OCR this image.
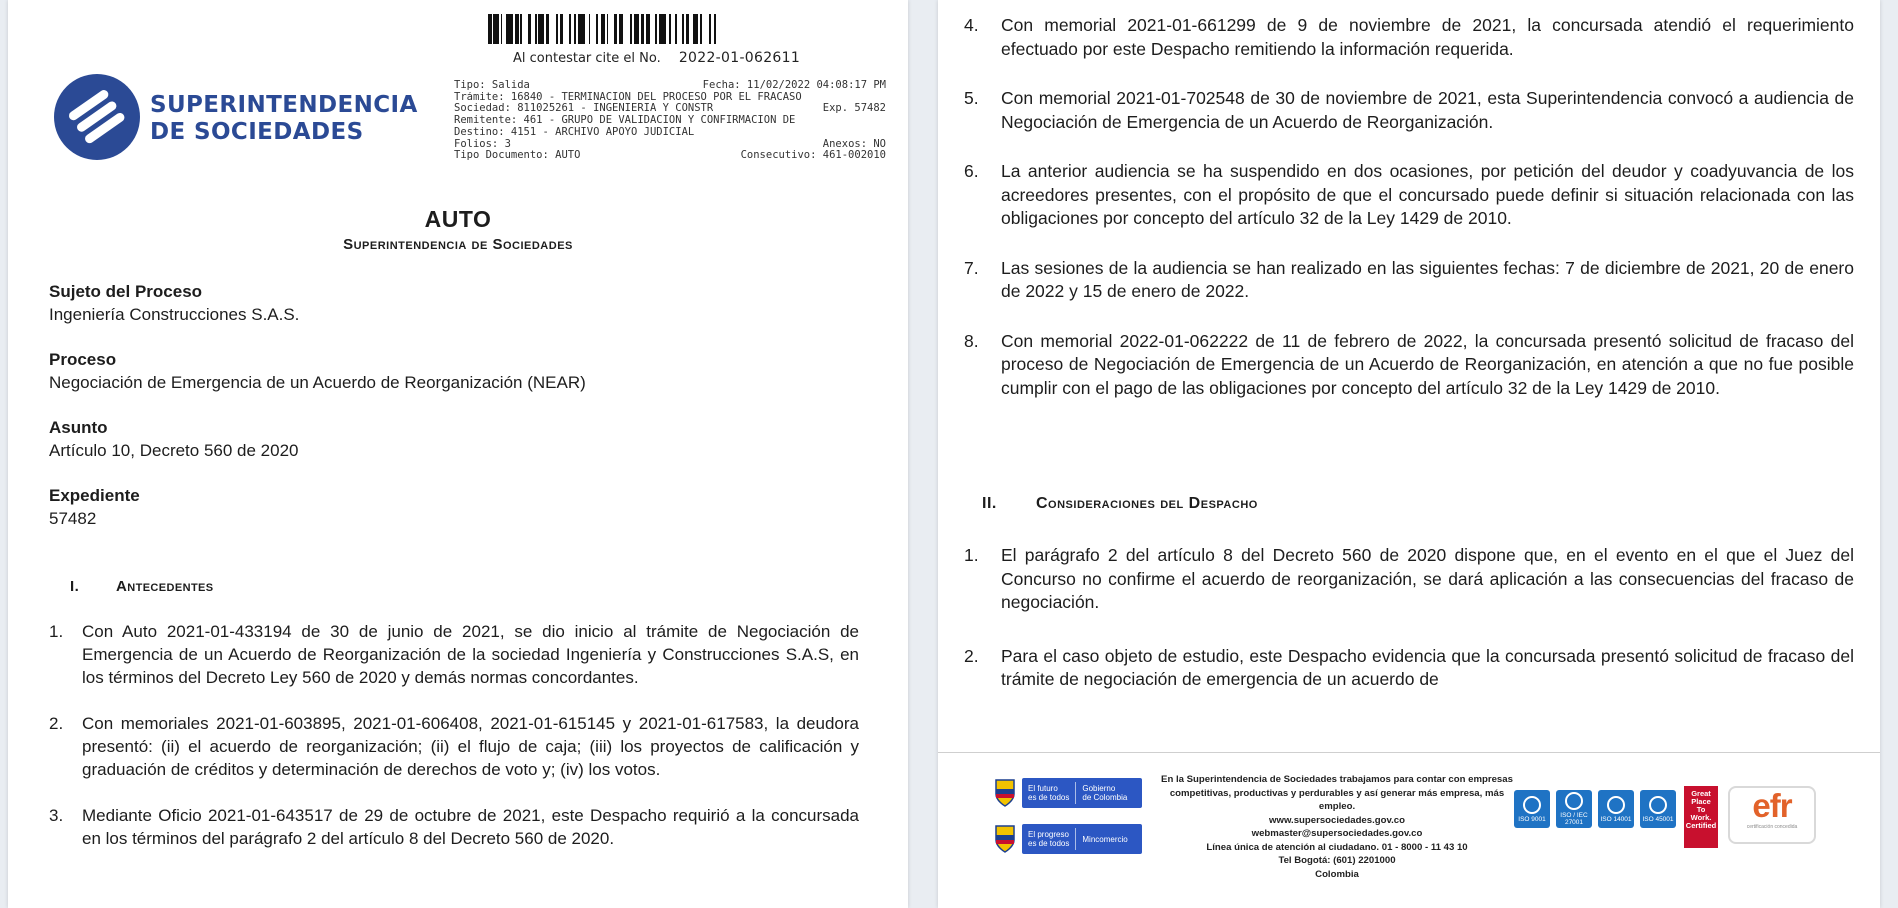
Al contestar cite el No. 2022-01-062611
SUPERINTENDENCIA
DE SOCIEDADES
Tipo: Salida	Fecha: 11/02/2022 04:08:17 PM
Trámite: 16840 - TERMINACIÓN DEL PROCESO POR EL FRACASO
Sociedad: 811025261 - INGENIERIA Y CONSTR	Exp. 57482
Remitente: 461 - GRUPO DE VALIDACION Y CONFIRMACION DE
Destino: 4151 - ARCHIVO APOYO JUDICIAL
Folios: 3	Anexos: NO
Tipo Documento: AUTO	Consecutivo: 461-002010
AUTO
Superintendencia de Sociedades
Sujeto del Proceso
Ingeniería Construcciones S.A.S.
Proceso
Negociación de Emergencia de un Acuerdo de Reorganización (NEAR)
Asunto
Artículo 10, Decreto 560 de 2020
Expediente
57482
I. Antecedentes
1.	Con Auto 2021-01-433194 de 30 de junio de 2021, se dio inicio al trámite de Negociación de Emergencia de un Acuerdo de Reorganización de la sociedad Ingeniería y Construcciones S.A.S, en los términos del Decreto Ley 560 de 2020 y demás normas concordantes.
2.	Con memoriales 2021-01-603895, 2021-01-606408, 2021-01-615145 y 2021-01-617583, la deudora presentó: (ii) el acuerdo de reorganización; (ii) el flujo de caja; (iii) los proyectos de calificación y graduación de créditos y determinación de derechos de voto y; (iv) los votos.
3.	Mediante Oficio 2021-01-643517 de 29 de octubre de 2021, este Despacho requirió a la concursada en los términos del parágrafo 2 del artículo 8 del Decreto 560 de 2020.
4.	Con memorial 2021-01-661299 de 9 de noviembre de 2021, la concursada atendió el requerimiento efectuado por este Despacho remitiendo la información requerida.
5.	Con memorial 2021-01-702548 de 30 de noviembre de 2021, esta Superintendencia convocó a audiencia de Negociación de Emergencia de un Acuerdo de Reorganización.
6.	La anterior audiencia se ha suspendido en dos ocasiones, por petición del deudor y coadyuvancia de los acreedores presentes, con el propósito de que el concursado puede definir si situación relacionada con las obligaciones por concepto del artículo 32 de la Ley 1429 de 2010.
7.	Las sesiones de la audiencia se han realizado en las siguientes fechas: 7 de diciembre de 2021, 20 de enero de 2022 y 15 de enero de 2022.
8.	Con memorial 2022-01-062222 de 11 de febrero de 2022, la concursada presentó solicitud de fracaso del proceso de Negociación de Emergencia de un Acuerdo de Reorganización, en atención a que no fue posible cumplir con el pago de las obligaciones por concepto del artículo 32 de la Ley 1429 de 2010.
II. Consideraciones del Despacho
1.	El parágrafo 2 del artículo 8 del Decreto 560 de 2020 dispone que, en el evento en el que el Juez del Concurso no confirme el acuerdo de reorganización, se dará aplicación a las consecuencias del fracaso de negociación.
2.	Para el caso objeto de estudio, este Despacho evidencia que la concursada presentó solicitud de fracaso del trámite de negociación de emergencia de un acuerdo de
El futuro
es de todos
Gobierno
de Colombia
El progreso
es de todos Mincomercio
En la Superintendencia de Sociedades trabajamos para contar con empresas
competitivas, productivas y perdurables y así generar más empresa, más empleo.
www.supersociedades.gov.co
webmaster@supersociedades.gov.co
Línea única de atención al ciudadano. 01 - 8000 - 11 43 10
Tel Bogotá: (601) 2201000
Colombia
ISO 9001	ISO / IEC 27001	ISO 14001 ISO 45001
Great
Place
To
Work.
Certified
efr
certificación concedida
